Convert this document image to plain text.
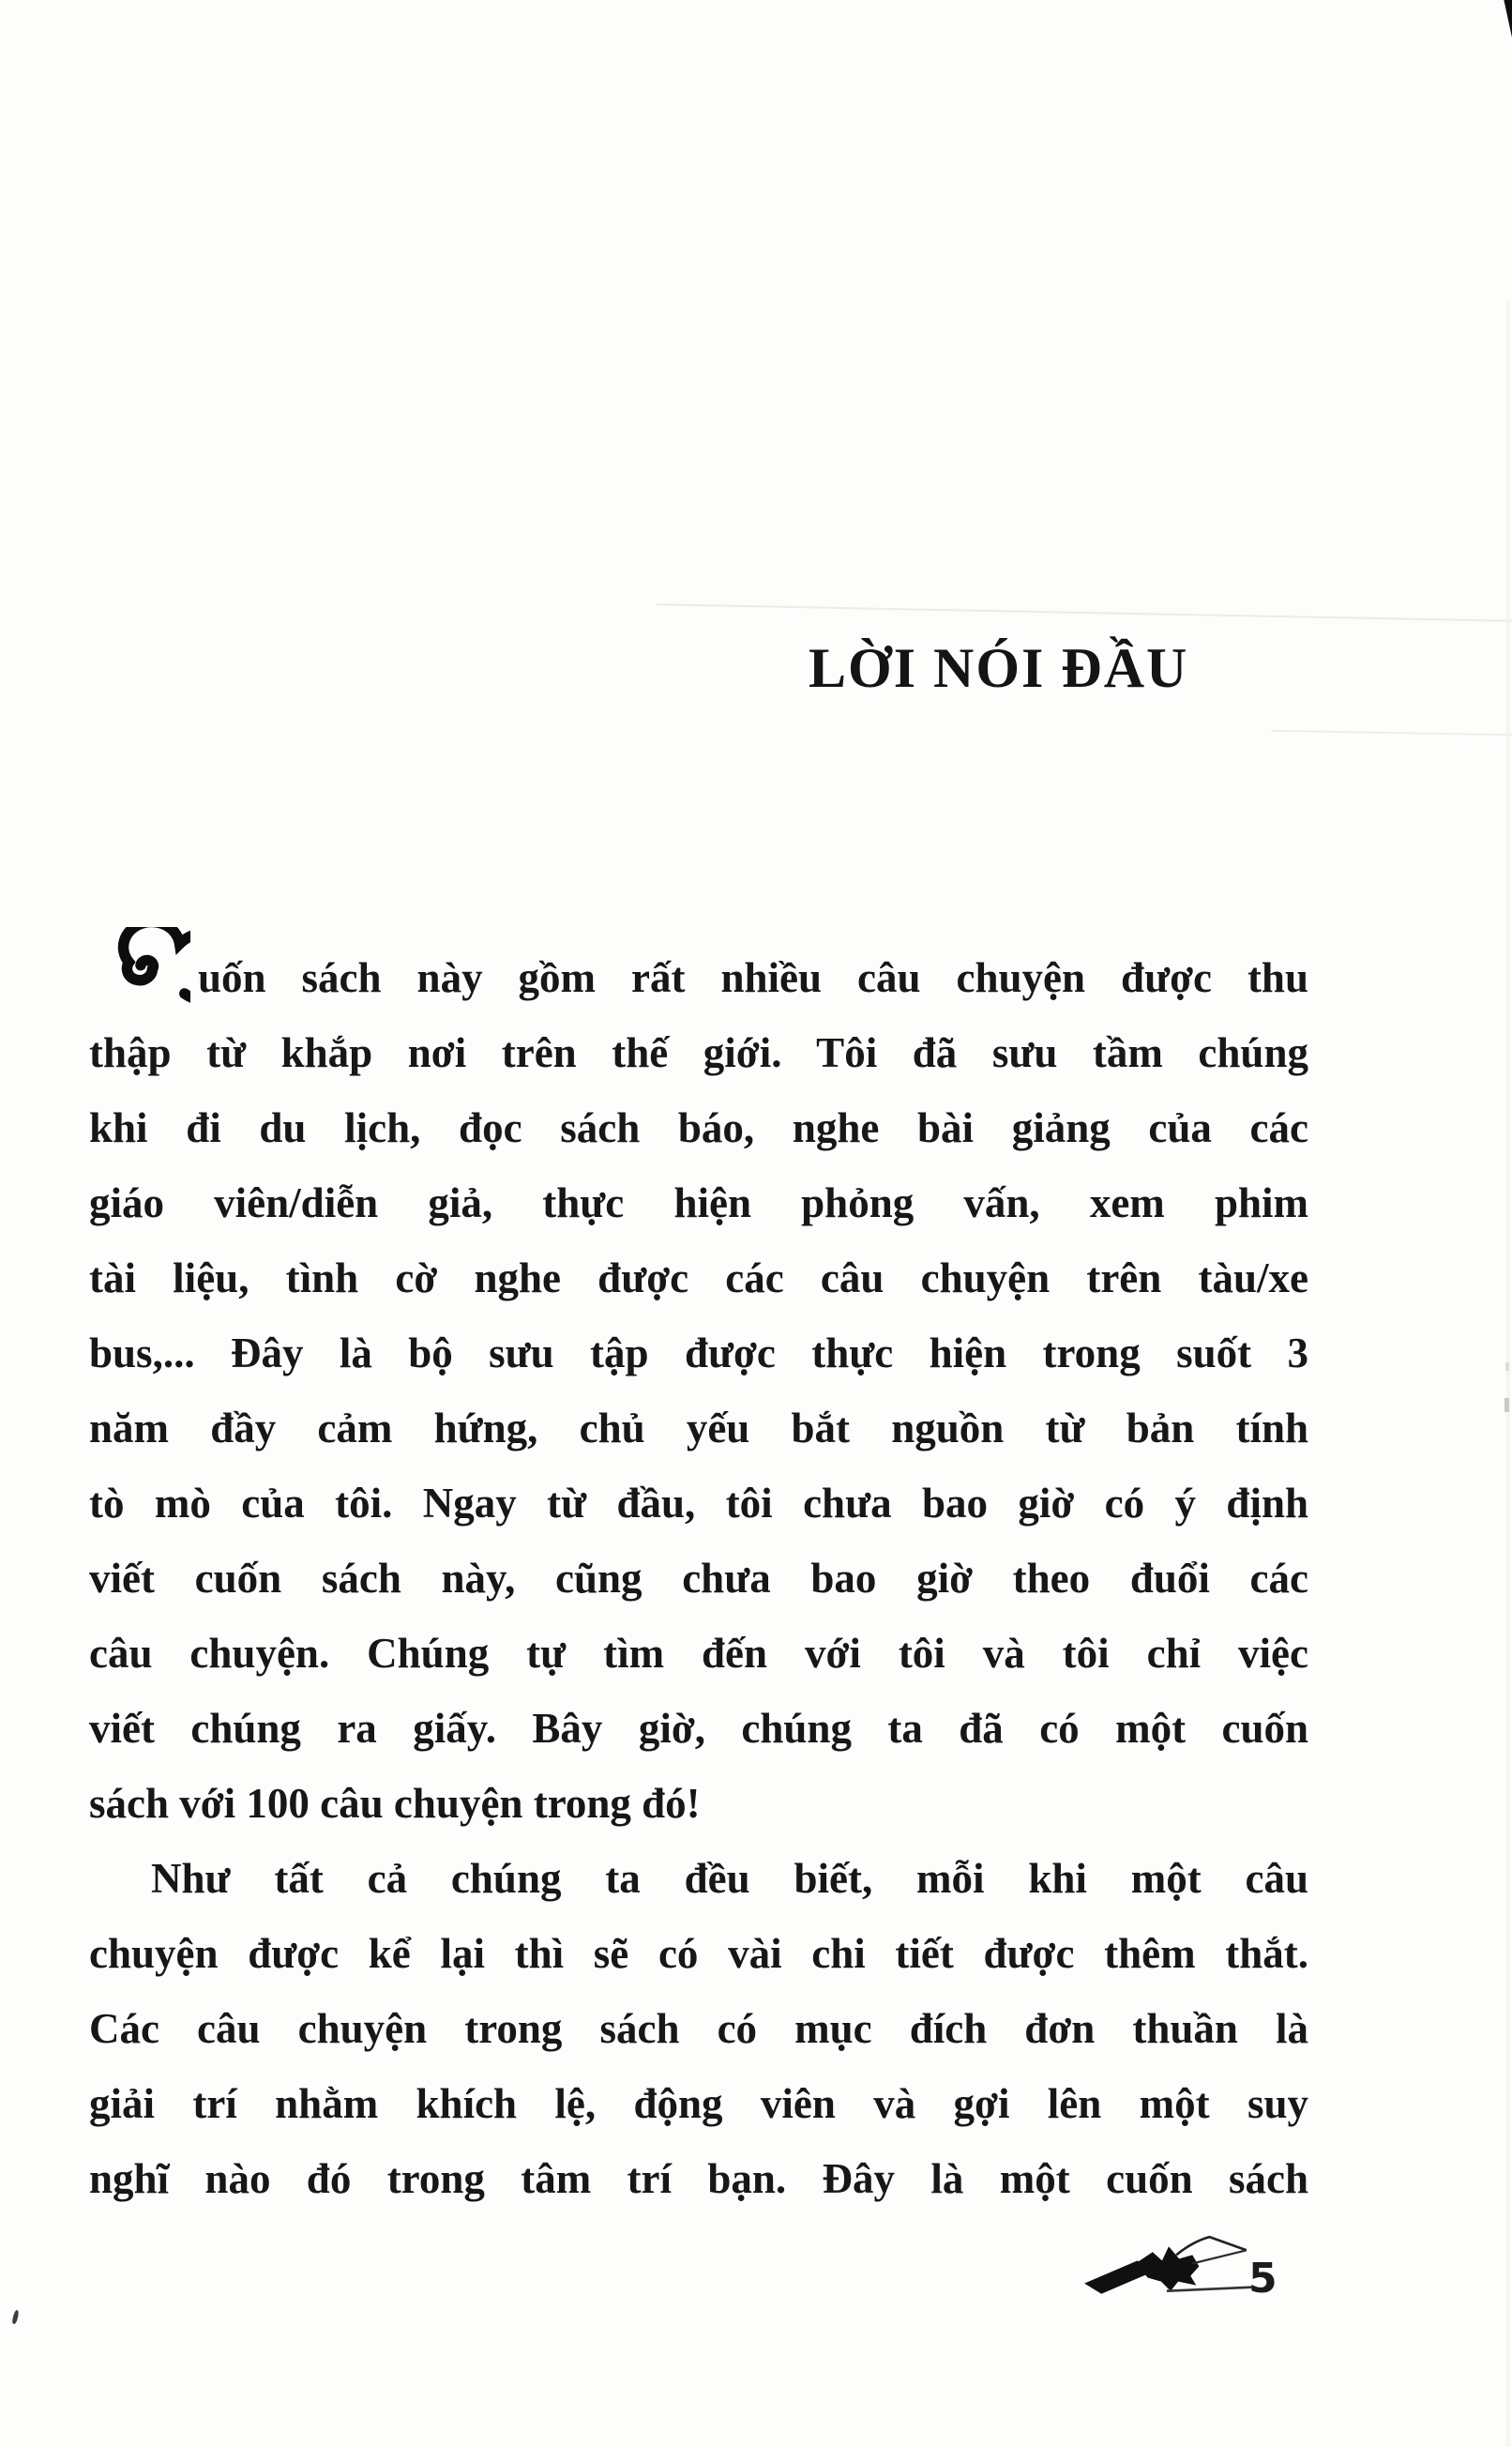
LỜI NÓI ĐẦU
uốn sách này gồm rất nhiều câu chuyện được thu
thập từ khắp nơi trên thế giới. Tôi đã sưu tầm chúng
khi đi du lịch, đọc sách báo, nghe bài giảng của các
giáo viên/diễn giả, thực hiện phỏng vấn, xem phim
tài liệu, tình cờ nghe được các câu chuyện trên tàu/xe
bus,... Đây là bộ sưu tập được thực hiện trong suốt 3
năm đầy cảm hứng, chủ yếu bắt nguồn từ bản tính
tò mò của tôi. Ngay từ đầu, tôi chưa bao giờ có ý định
viết cuốn sách này, cũng chưa bao giờ theo đuổi các
câu chuyện. Chúng tự tìm đến với tôi và tôi chỉ việc
viết chúng ra giấy. Bây giờ, chúng ta đã có một cuốn
sách với 100 câu chuyện trong đó!
Như tất cả chúng ta đều biết, mỗi khi một câu
chuyện được kể lại thì sẽ có vài chi tiết được thêm thắt.
Các câu chuyện trong sách có mục đích đơn thuần là
giải trí nhằm khích lệ, động viên và gợi lên một suy
nghĩ nào đó trong tâm trí bạn. Đây là một cuốn sách
5
